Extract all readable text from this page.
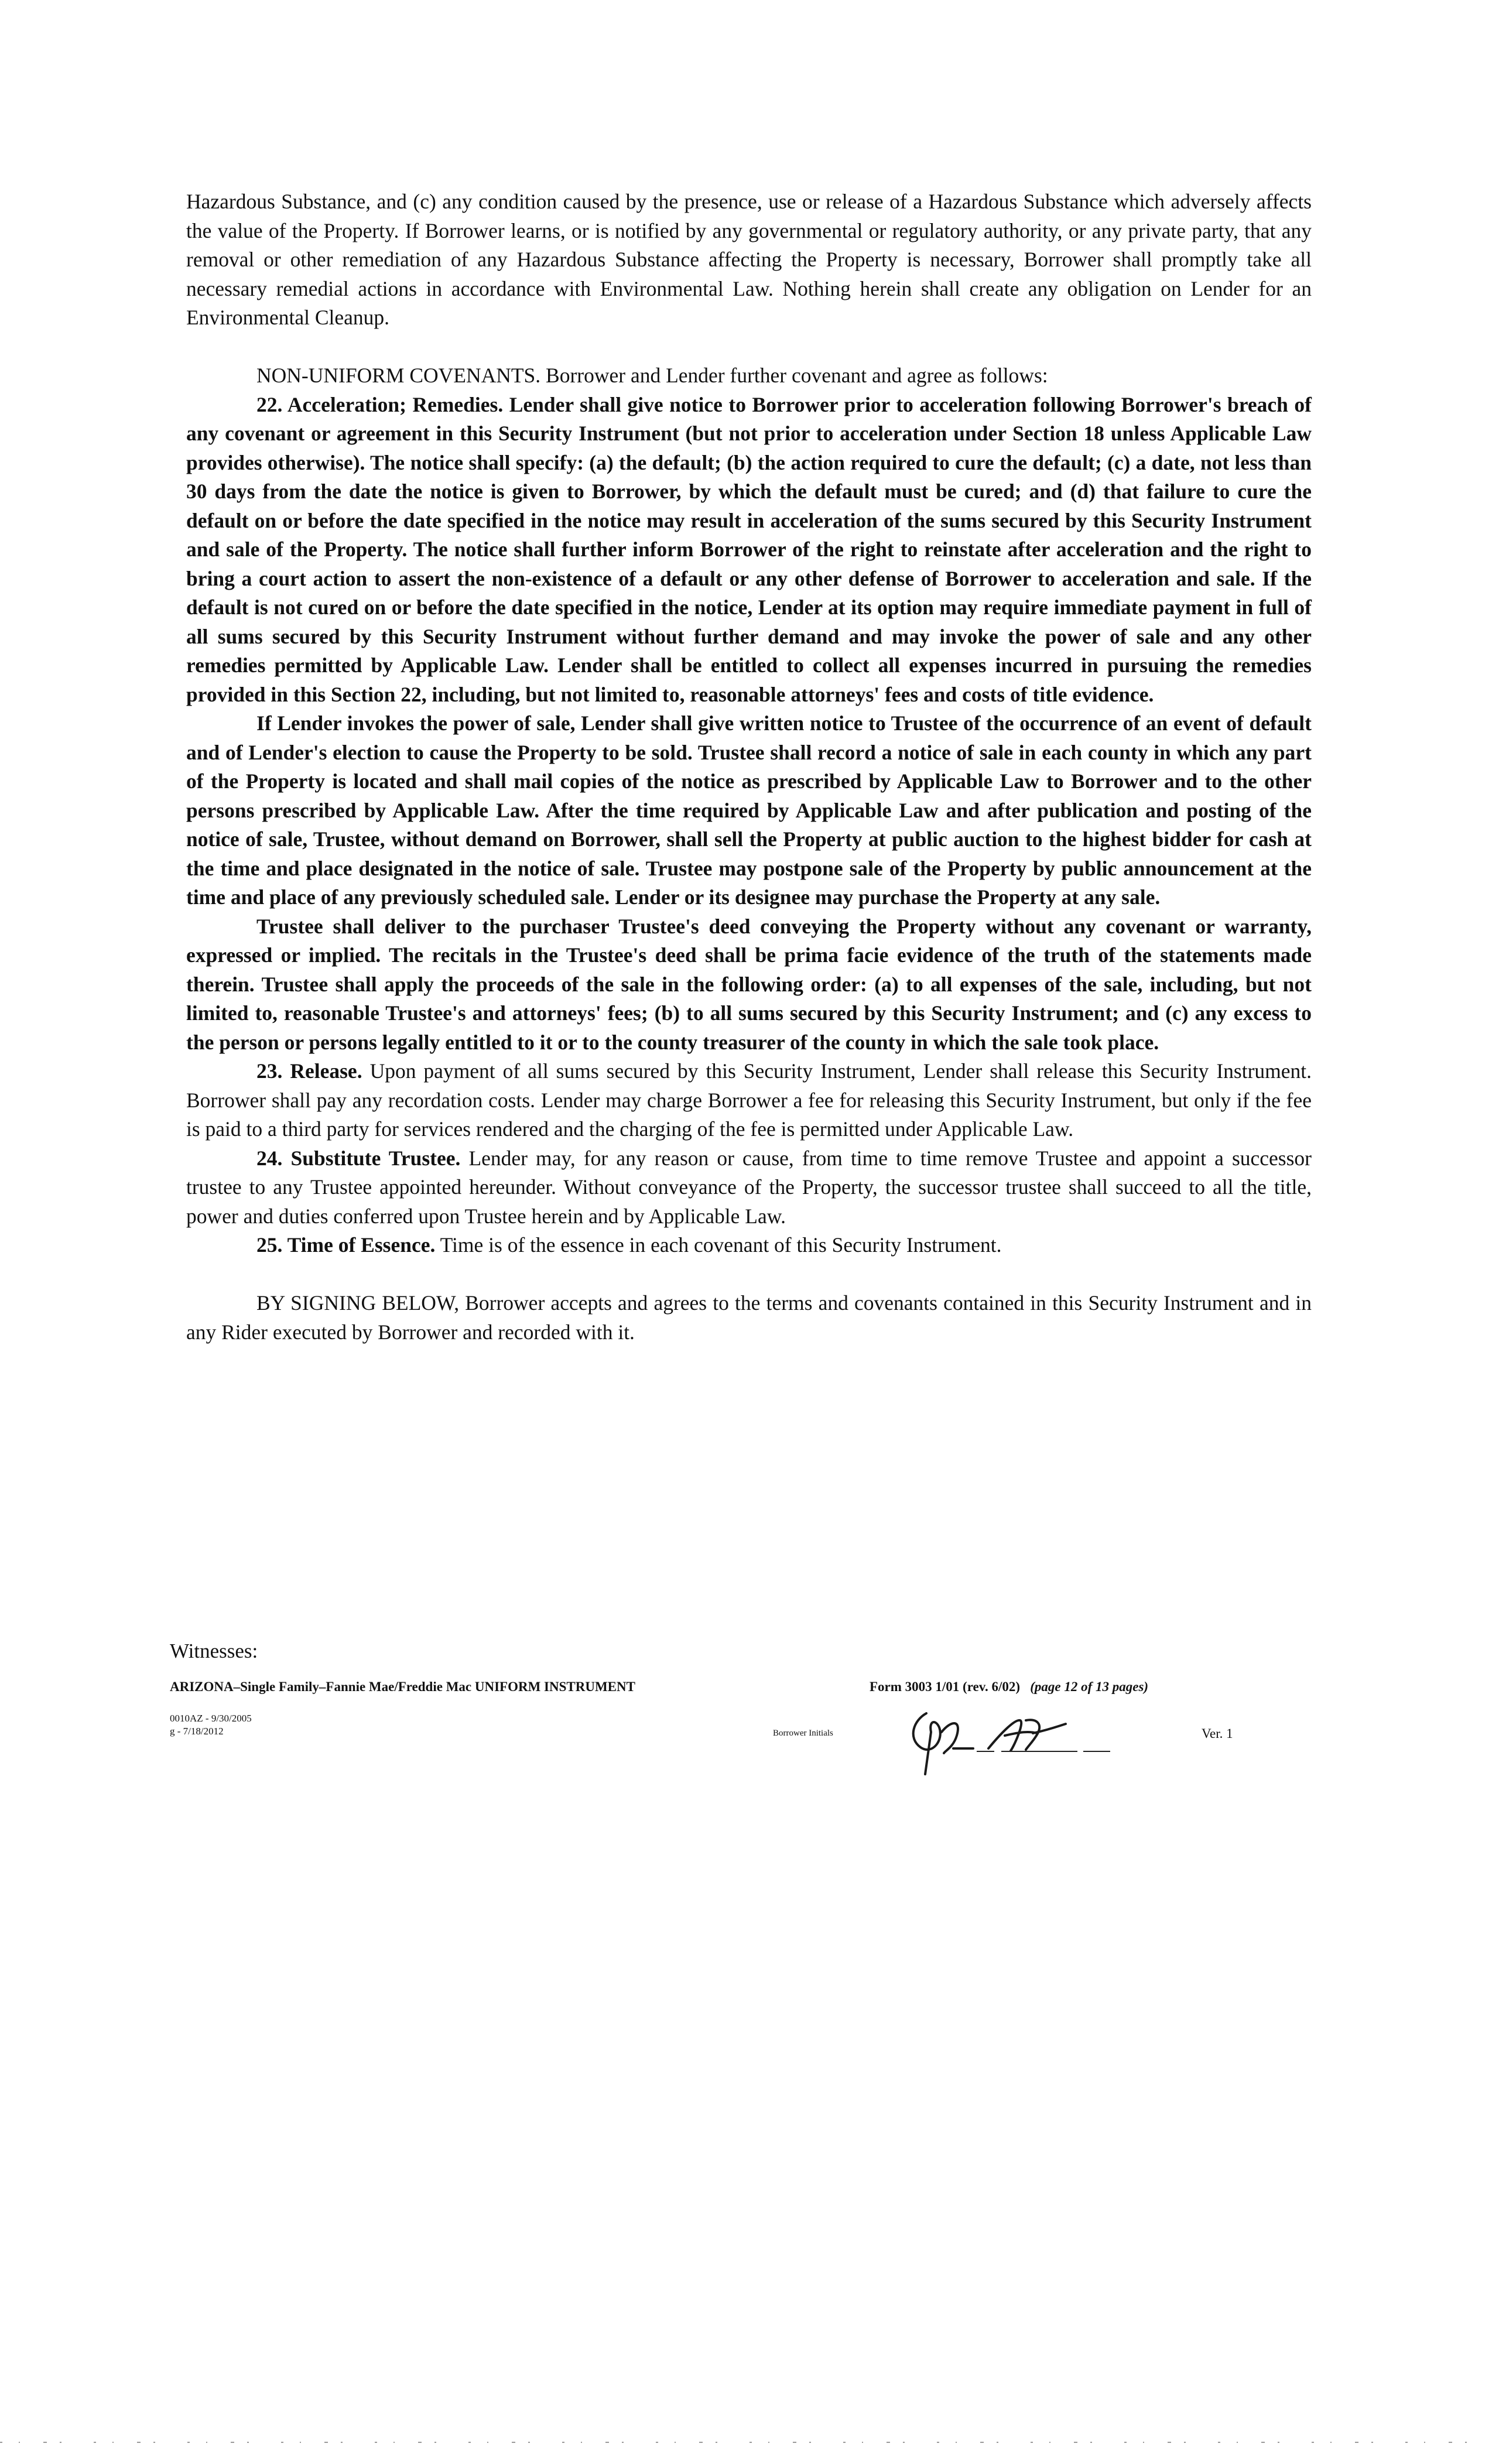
Hazardous Substance, and (c) any condition caused by the presence, use or release of a Hazardous Substance which adversely affects the value of the Property. If Borrower learns, or is notified by any governmental or regulatory authority, or any private party, that any removal or other remediation of any Hazardous Substance affecting the Property is necessary, Borrower shall promptly take all necessary remedial actions in accordance with Environmental Law. Nothing herein shall create any obligation on Lender for an Environmental Cleanup.

NON-UNIFORM COVENANTS. Borrower and Lender further covenant and agree as follows:

22. Acceleration; Remedies. Lender shall give notice to Borrower prior to acceleration following Borrower's breach of any covenant or agreement in this Security Instrument (but not prior to acceleration under Section 18 unless Applicable Law provides otherwise). The notice shall specify: (a) the default; (b) the action required to cure the default; (c) a date, not less than 30 days from the date the notice is given to Borrower, by which the default must be cured; and (d) that failure to cure the default on or before the date specified in the notice may result in acceleration of the sums secured by this Security Instrument and sale of the Property. The notice shall further inform Borrower of the right to reinstate after acceleration and the right to bring a court action to assert the non-existence of a default or any other defense of Borrower to acceleration and sale. If the default is not cured on or before the date specified in the notice, Lender at its option may require immediate payment in full of all sums secured by this Security Instrument without further demand and may invoke the power of sale and any other remedies permitted by Applicable Law. Lender shall be entitled to collect all expenses incurred in pursuing the remedies provided in this Section 22, including, but not limited to, reasonable attorneys' fees and costs of title evidence.

If Lender invokes the power of sale, Lender shall give written notice to Trustee of the occurrence of an event of default and of Lender's election to cause the Property to be sold. Trustee shall record a notice of sale in each county in which any part of the Property is located and shall mail copies of the notice as prescribed by Applicable Law to Borrower and to the other persons prescribed by Applicable Law. After the time required by Applicable Law and after publication and posting of the notice of sale, Trustee, without demand on Borrower, shall sell the Property at public auction to the highest bidder for cash at the time and place designated in the notice of sale. Trustee may postpone sale of the Property by public announcement at the time and place of any previously scheduled sale. Lender or its designee may purchase the Property at any sale.

Trustee shall deliver to the purchaser Trustee's deed conveying the Property without any covenant or warranty, expressed or implied. The recitals in the Trustee's deed shall be prima facie evidence of the truth of the statements made therein. Trustee shall apply the proceeds of the sale in the following order: (a) to all expenses of the sale, including, but not limited to, reasonable Trustee's and attorneys' fees; (b) to all sums secured by this Security Instrument; and (c) any excess to the person or persons legally entitled to it or to the county treasurer of the county in which the sale took place.

23. Release. Upon payment of all sums secured by this Security Instrument, Lender shall release this Security Instrument. Borrower shall pay any recordation costs. Lender may charge Borrower a fee for releasing this Security Instrument, but only if the fee is paid to a third party for services rendered and the charging of the fee is permitted under Applicable Law.

24. Substitute Trustee. Lender may, for any reason or cause, from time to time remove Trustee and appoint a successor trustee to any Trustee appointed hereunder. Without conveyance of the Property, the successor trustee shall succeed to all the title, power and duties conferred upon Trustee herein and by Applicable Law.

25. Time of Essence. Time is of the essence in each covenant of this Security Instrument.

BY SIGNING BELOW, Borrower accepts and agrees to the terms and covenants contained in this Security Instrument and in any Rider executed by Borrower and recorded with it.

Witnesses:
ARIZONA–Single Family–Fannie Mae/Freddie Mac UNIFORM INSTRUMENT	Form 3003 1/01 (rev. 6/02) (page 12 of 13 pages)
0010AZ - 9/30/2005
g - 7/18/2012	Borrower Initials	Ver. 1
